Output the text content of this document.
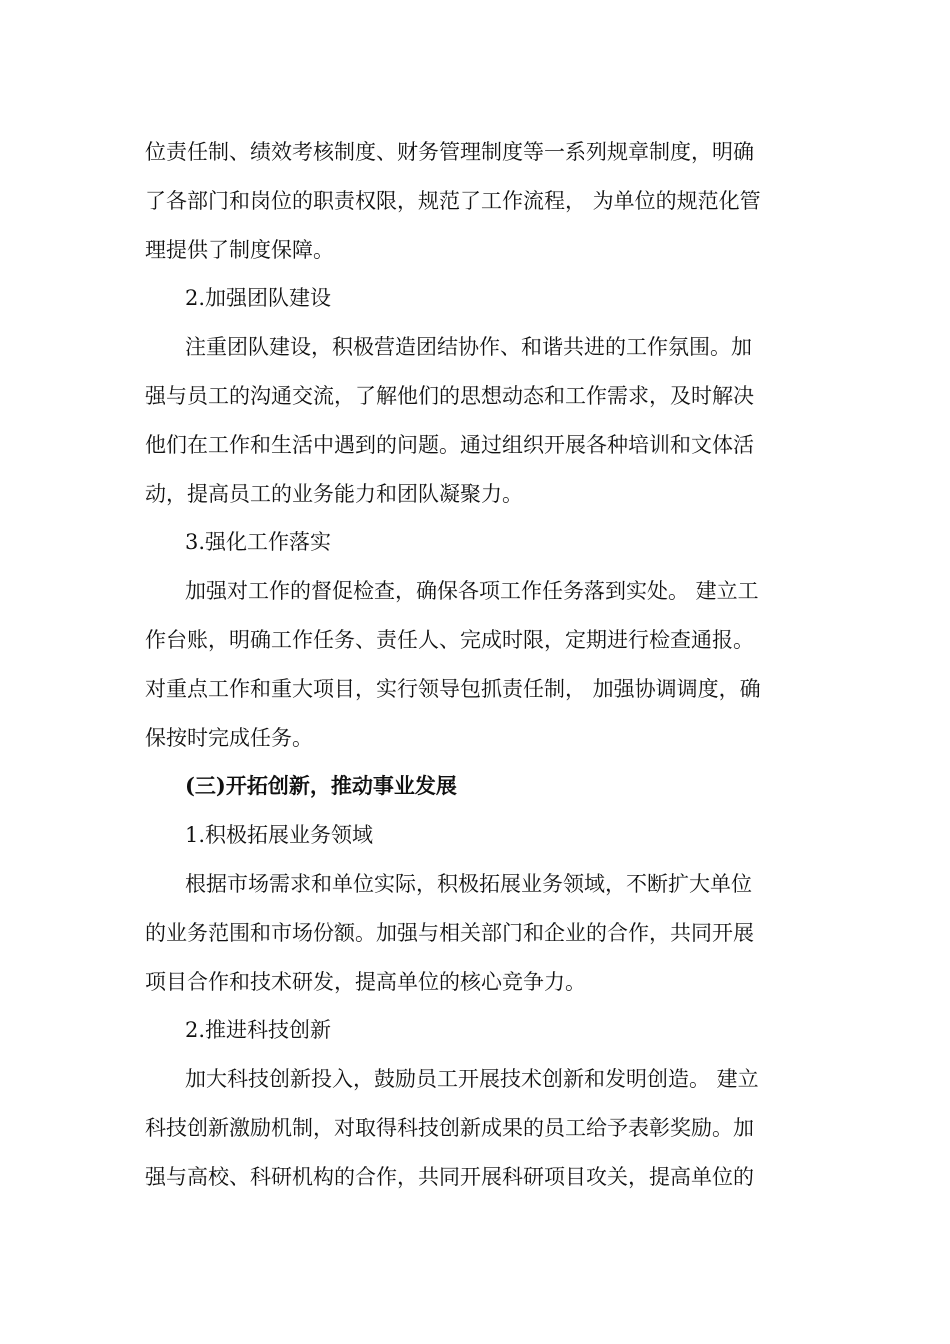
位责任制、绩效考核制度、财务管理制度等一系列规章制度，明确
了各部门和岗位的职责权限，规范了工作流程， 为单位的规范化管
理提供了制度保障。
2.加强团队建设
注重团队建设，积极营造团结协作、和谐共进的工作氛围。加
强与员工的沟通交流，了解他们的思想动态和工作需求，及时解决
他们在工作和生活中遇到的问题。通过组织开展各种培训和文体活
动，提高员工的业务能力和团队凝聚力。
3.强化工作落实
加强对工作的督促检查，确保各项工作任务落到实处。 建立工
作台账，明确工作任务、责任人、完成时限，定期进行检查通报。
对重点工作和重大项目，实行领导包抓责任制， 加强协调调度，确
保按时完成任务。
(三)开拓创新，推动事业发展
1.积极拓展业务领域
根据市场需求和单位实际，积极拓展业务领域，不断扩大单位
的业务范围和市场份额。加强与相关部门和企业的合作，共同开展
项目合作和技术研发，提高单位的核心竞争力。
2.推进科技创新
加大科技创新投入，鼓励员工开展技术创新和发明创造。 建立
科技创新激励机制，对取得科技创新成果的员工给予表彰奖励。加
强与高校、科研机构的合作，共同开展科研项目攻关，提高单位的
